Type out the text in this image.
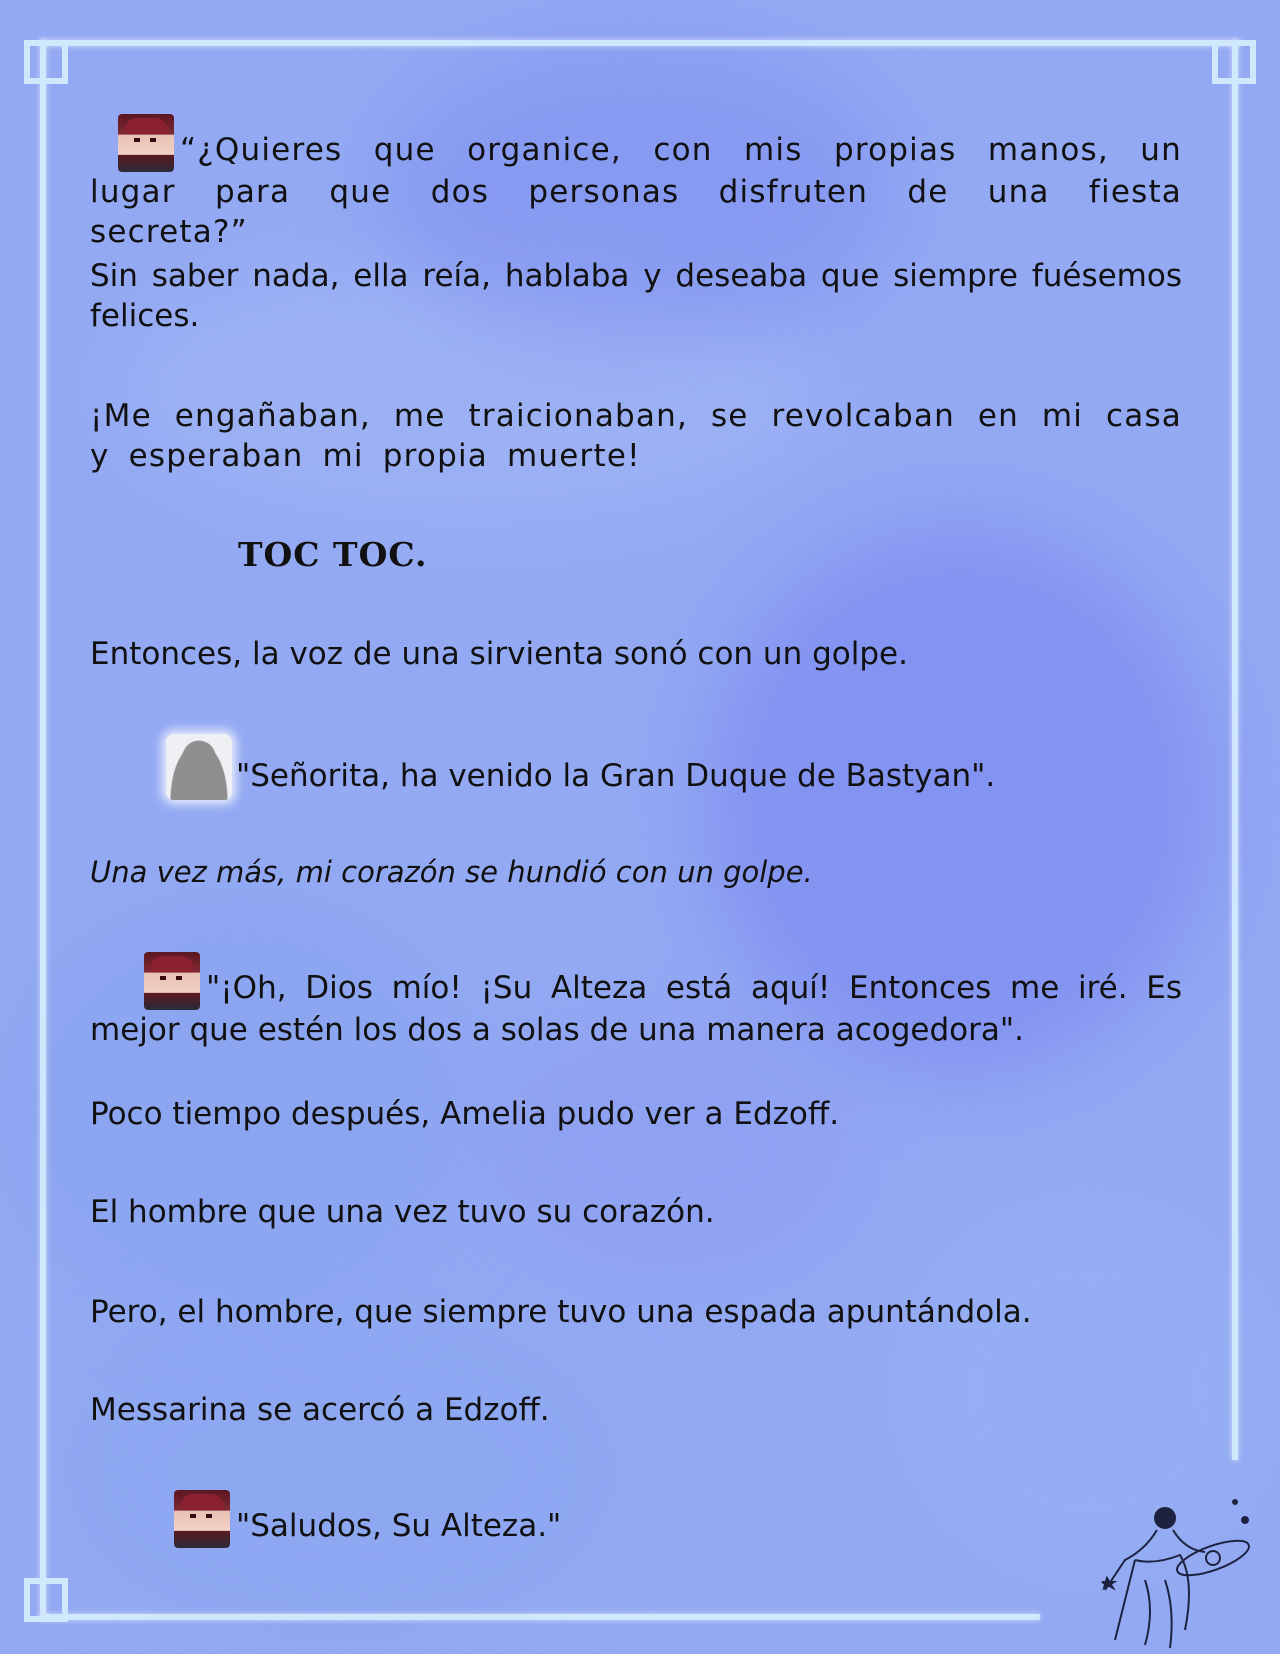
“¿Quieres que organice, con mis propias manos, un lugar para que dos personas disfruten de una fiesta secreta?”
Sin saber nada, ella reía, hablaba y deseaba que siempre fuésemos felices.
¡Me engañaban, me traicionaban, se revolcaban en mi casa y esperaban mi propia muerte!
TOC TOC.
Entonces, la voz de una sirvienta sonó con un golpe.
"Señorita, ha venido la Gran Duque de Bastyan".
Una vez más, mi corazón se hundió con un golpe.
"¡Oh, Dios mío! ¡Su Alteza está aquí! Entonces me iré. Es mejor que estén los dos a solas de una manera acogedora".
Poco tiempo después, Amelia pudo ver a Edzoff.
El hombre que una vez tuvo su corazón.
Pero, el hombre, que siempre tuvo una espada apuntándola.
Messarina se acercó a Edzoff.
"Saludos, Su Alteza."
